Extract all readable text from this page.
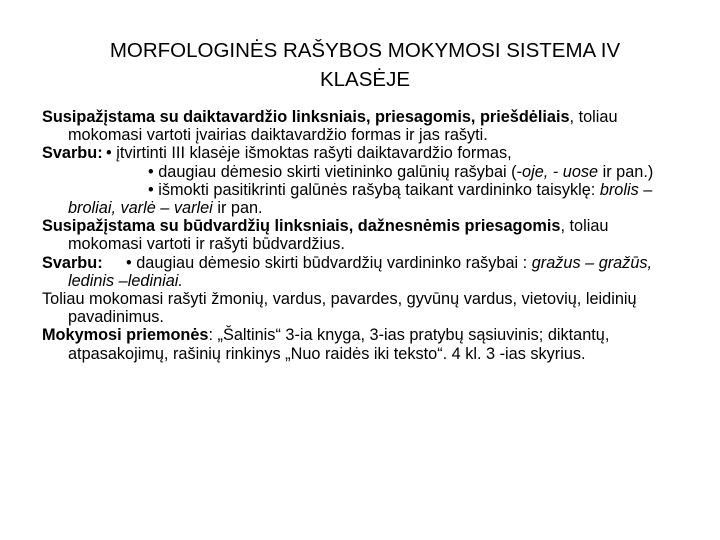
MORFOLOGINĖS RAŠYBOS MOKYMOSI SISTEMA IV
KLASĖJE
Susipažįstama su daiktavardžio linksniais, priesagomis, priešdėliais, toliau mokomasi vartoti įvairias daiktavardžio formas ir jas rašyti.
Svarbu: • įtvirtinti III klasėje išmoktas rašyti daiktavardžio formas,
• daugiau dėmesio skirti vietininko galūnių rašybai (-oje, - uose ir pan.)
• išmokti pasitikrinti galūnės rašybą taikant vardininko taisyklę: brolis – broliai, varlė – varlei ir pan.
Susipažįstama su būdvardžių linksniais, dažnesnėmis priesagomis, toliau mokomasi vartoti ir rašyti būdvardžius.
Svarbu: • daugiau dėmesio skirti būdvardžių vardininko rašybai : gražus – gražūs, ledinis –lediniai.
Toliau mokomasi rašyti žmonių, vardus, pavardes, gyvūnų vardus, vietovių, leidinių pavadinimus.
Mokymosi priemonės: „Šaltinis“ 3-ia knyga, 3-ias pratybų sąsiuvinis; diktantų, atpasakojimų, rašinių rinkinys „Nuo raidės iki teksto“. 4 kl. 3 -ias skyrius.
